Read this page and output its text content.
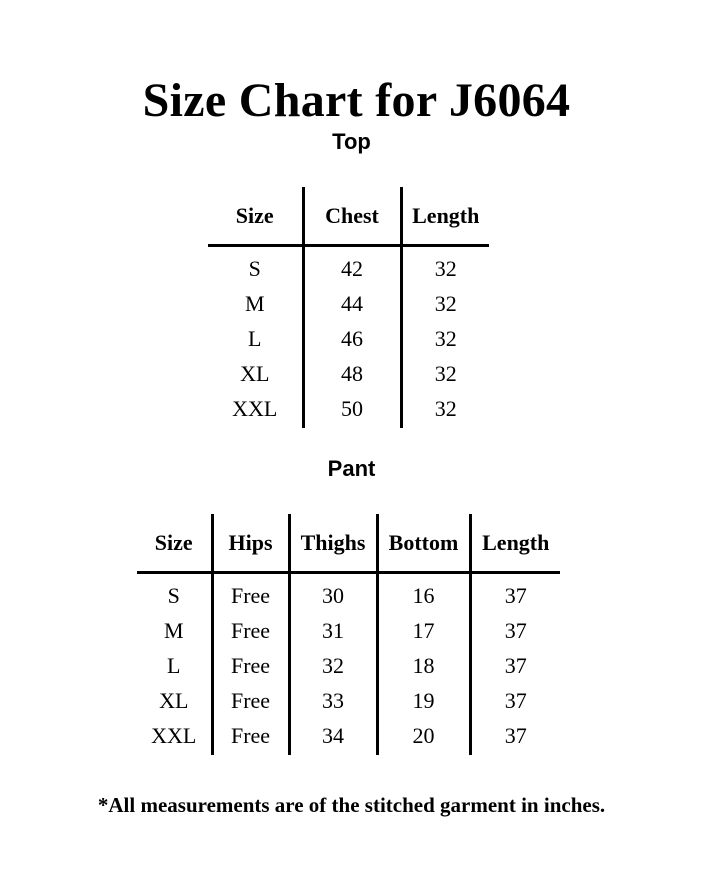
Size Chart for J6064
Top
Size	Chest	Length
S	42	32
M	44	32
L	46	32
XL	48	32
XXL	50	32
Pant
Size	Hips	Thighs	Bottom	Length
S	Free	30	16	37
M	Free	31	17	37
L	Free	32	18	37
XL	Free	33	19	37
XXL	Free	34	20	37
*All measurements are of the stitched garment in inches.
